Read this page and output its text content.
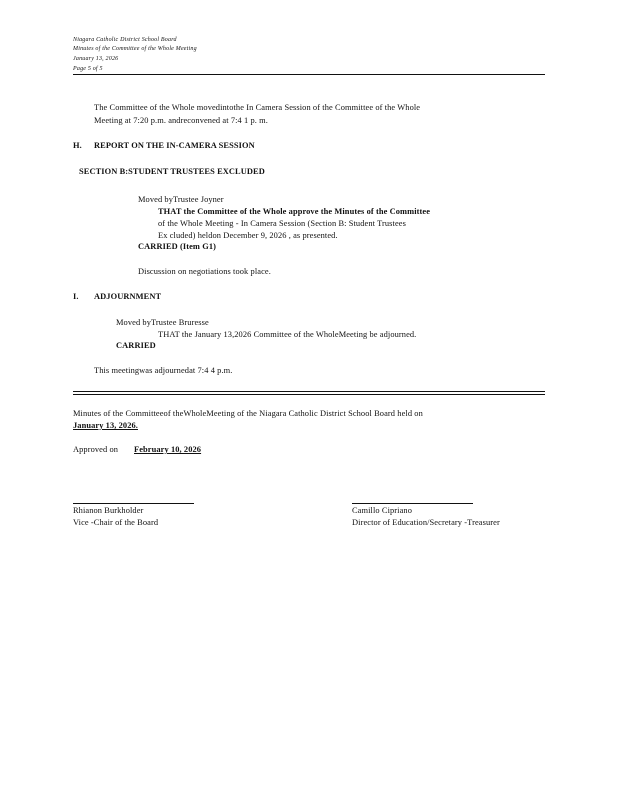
Niagara Catholic District School Board
Minutes of the Committee of the Whole Meeting
January 13, 2026
Page 5 of 5
The Committee of the Whole movedintothe In Camera Session of the Committee of the Whole
Meeting at 7:20 p.m. andreconvened at 7:4 1 p. m.
H. REPORT ON THE IN-CAMERA SESSION
SECTION B:STUDENT TRUSTEES EXCLUDED
Moved byTrustee Joyner
THAT the Committee of the Whole approve the Minutes of the Committee
of the Whole Meeting - In Camera Session (Section B: Student Trustees
Ex cluded) heldon December 9, 2026 , as presented.
CARRIED (Item G1)
Discussion on negotiations took place.
I. ADJOURNMENT
Moved byTrustee Bruresse
THAT the January 13,2026 Committee of the WholeMeeting be adjourned.
CARRIED
This meetingwas adjournedat 7:4 4 p.m.
Minutes of the Committeeof theWholeMeeting of the Niagara Catholic District School Board held on
January 13, 2026.
Approved on February 10, 2026
Rhianon Burkholder
Vice -Chair of the Board
Camillo Cipriano
Director of Education/Secretary -Treasurer
